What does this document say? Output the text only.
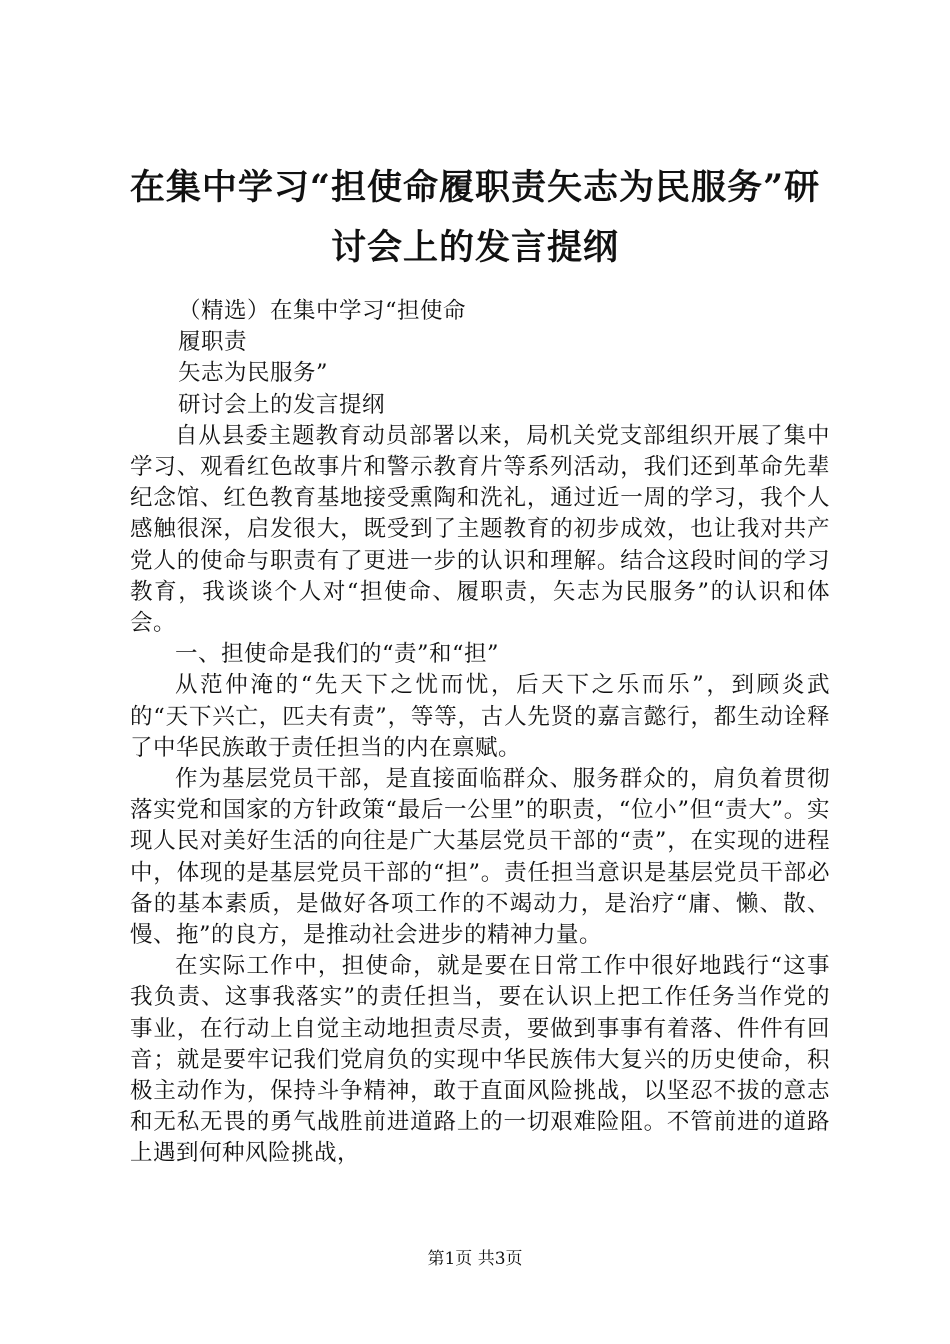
在集中学习“担使命履职责矢志为民服务”研
讨会上的发言提纲

（精选）在集中学习“担使命

履职责

矢志为民服务”

研讨会上的发言提纲

自从县委主题教育动员部署以来，局机关党支部组织开展了集中学习、观看红色故事片和警示教育片等系列活动，我们还到革命先辈纪念馆、红色教育基地接受熏陶和洗礼，通过近一周的学习，我个人感触很深，启发很大，既受到了主题教育的初步成效，也让我对共产党人的使命与职责有了更进一步的认识和理解。结合这段时间的学习教育，我谈谈个人对“担使命、履职责，矢志为民服务”的认识和体会。

一、担使命是我们的“责”和“担”

从范仲淹的“先天下之忧而忧，后天下之乐而乐”，到顾炎武的“天下兴亡，匹夫有责”，等等，古人先贤的嘉言懿行，都生动诠释了中华民族敢于责任担当的内在禀赋。

作为基层党员干部，是直接面临群众、服务群众的，肩负着贯彻落实党和国家的方针政策“最后一公里”的职责，“位小”但“责大”。实现人民对美好生活的向往是广大基层党员干部的“责”，在实现的进程中，体现的是基层党员干部的“担”。责任担当意识是基层党员干部必备的基本素质，是做好各项工作的不竭动力，是治疗“庸、懒、散、慢、拖”的良方，是推动社会进步的精神力量。

在实际工作中，担使命，就是要在日常工作中很好地践行“这事我负责、这事我落实”的责任担当，要在认识上把工作任务当作党的事业，在行动上自觉主动地担责尽责，要做到事事有着落、件件有回音；就是要牢记我们党肩负的实现中华民族伟大复兴的历史使命，积极主动作为，保持斗争精神，敢于直面风险挑战，以坚忍不拔的意志和无私无畏的勇气战胜前进道路上的一切艰难险阻。不管前进的道路上遇到何种风险挑战，

第1页 共3页
